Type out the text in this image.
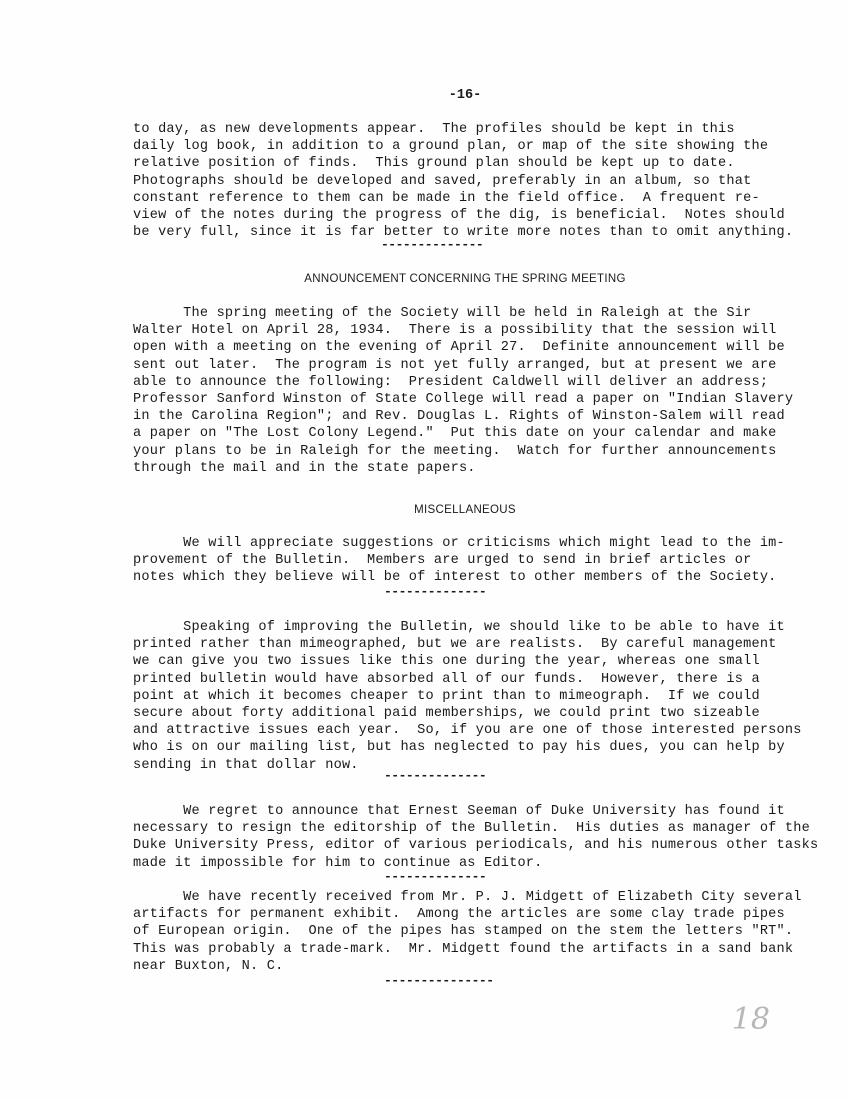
-16-
to day, as new developments appear.  The profiles should be kept in this
daily log book, in addition to a ground plan, or map of the site showing the
relative position of finds.  This ground plan should be kept up to date.
Photographs should be developed and saved, preferably in an album, so that
constant reference to them can be made in the field office.  A frequent re-
view of the notes during the progress of the dig, is beneficial.  Notes should
be very full, since it is far better to write more notes than to omit anything.
--------------
ANNOUNCEMENT CONCERNING THE SPRING MEETING
The spring meeting of the Society will be held in Raleigh at the Sir
Walter Hotel on April 28, 1934.  There is a possibility that the session will
open with a meeting on the evening of April 27.  Definite announcement will be
sent out later.  The program is not yet fully arranged, but at present we are
able to announce the following:  President Caldwell will deliver an address;
Professor Sanford Winston of State College will read a paper on "Indian Slavery
in the Carolina Region"; and Rev. Douglas L. Rights of Winston-Salem will read
a paper on "The Lost Colony Legend."  Put this date on your calendar and make
your plans to be in Raleigh for the meeting.  Watch for further announcements
through the mail and in the state papers.
MISCELLANEOUS
We will appreciate suggestions or criticisms which might lead to the im-
provement of the Bulletin.  Members are urged to send in brief articles or
notes which they believe will be of interest to other members of the Society.
--------------
Speaking of improving the Bulletin, we should like to be able to have it
printed rather than mimeographed, but we are realists.  By careful management
we can give you two issues like this one during the year, whereas one small
printed bulletin would have absorbed all of our funds.  However, there is a
point at which it becomes cheaper to print than to mimeograph.  If we could
secure about forty additional paid memberships, we could print two sizeable
and attractive issues each year.  So, if you are one of those interested persons
who is on our mailing list, but has neglected to pay his dues, you can help by
sending in that dollar now.
--------------
We regret to announce that Ernest Seeman of Duke University has found it
necessary to resign the editorship of the Bulletin.  His duties as manager of the
Duke University Press, editor of various periodicals, and his numerous other tasks
made it impossible for him to continue as Editor.
--------------
We have recently received from Mr. P. J. Midgett of Elizabeth City several
artifacts for permanent exhibit.  Among the articles are some clay trade pipes
of European origin.  One of the pipes has stamped on the stem the letters "RT".
This was probably a trade-mark.  Mr. Midgett found the artifacts in a sand bank
near Buxton, N. C.
---------------
18
